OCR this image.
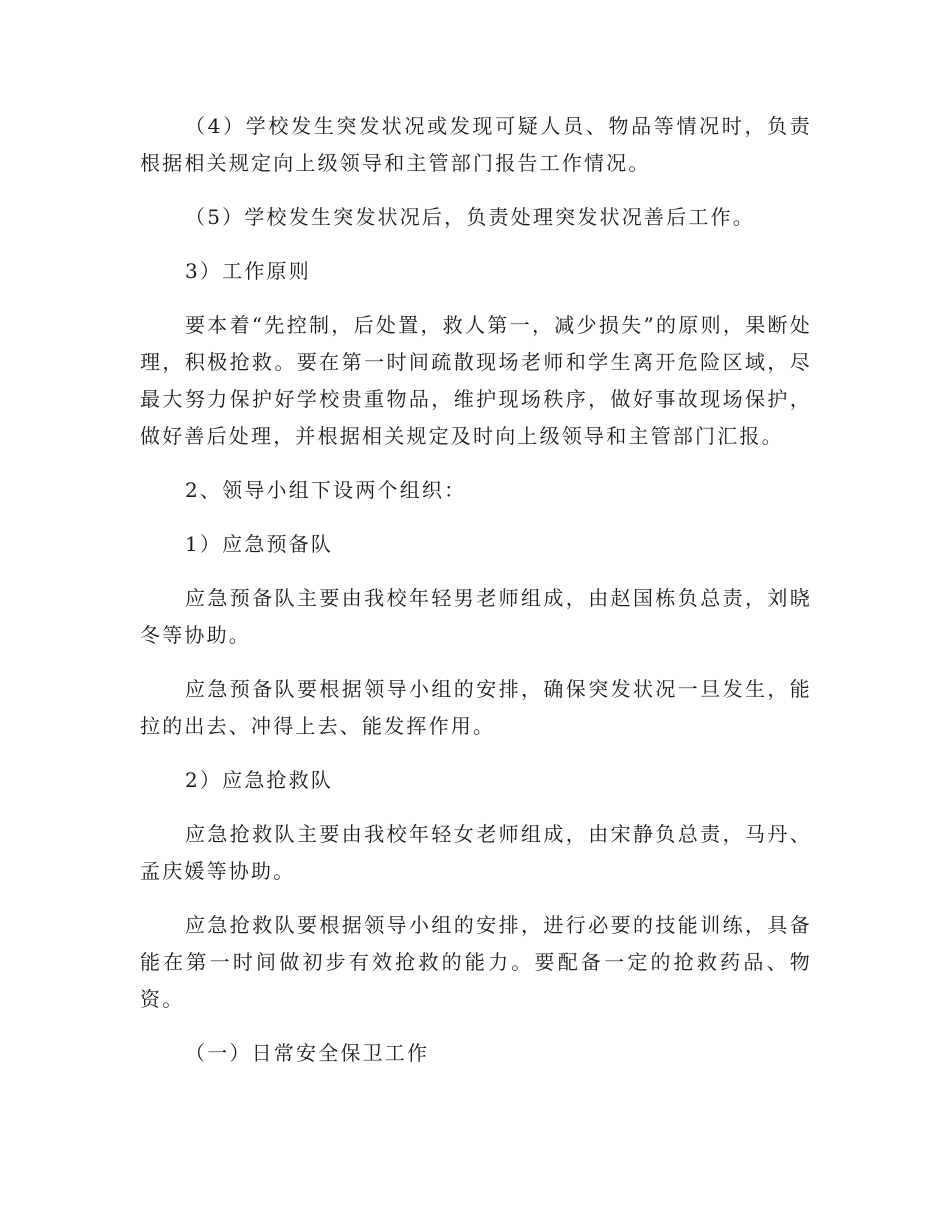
（4）学校发生突发状况或发现可疑人员、物品等情况时，负责根据相关规定向上级领导和主管部门报告工作情况。

（5）学校发生突发状况后，负责处理突发状况善后工作。

3）工作原则

要本着“先控制，后处置，救人第一，减少损失”的原则，果断处理，积极抢救。要在第一时间疏散现场老师和学生离开危险区域，尽最大努力保护好学校贵重物品，维护现场秩序，做好事故现场保护，做好善后处理，并根据相关规定及时向上级领导和主管部门汇报。

2、领导小组下设两个组织：

1）应急预备队

应急预备队主要由我校年轻男老师组成，由赵国栋负总责，刘晓冬等协助。

应急预备队要根据领导小组的安排，确保突发状况一旦发生，能拉的出去、冲得上去、能发挥作用。

2）应急抢救队

应急抢救队主要由我校年轻女老师组成，由宋静负总责，马丹、孟庆媛等协助。

应急抢救队要根据领导小组的安排，进行必要的技能训练，具备能在第一时间做初步有效抢救的能力。要配备一定的抢救药品、物资。

（一）日常安全保卫工作
